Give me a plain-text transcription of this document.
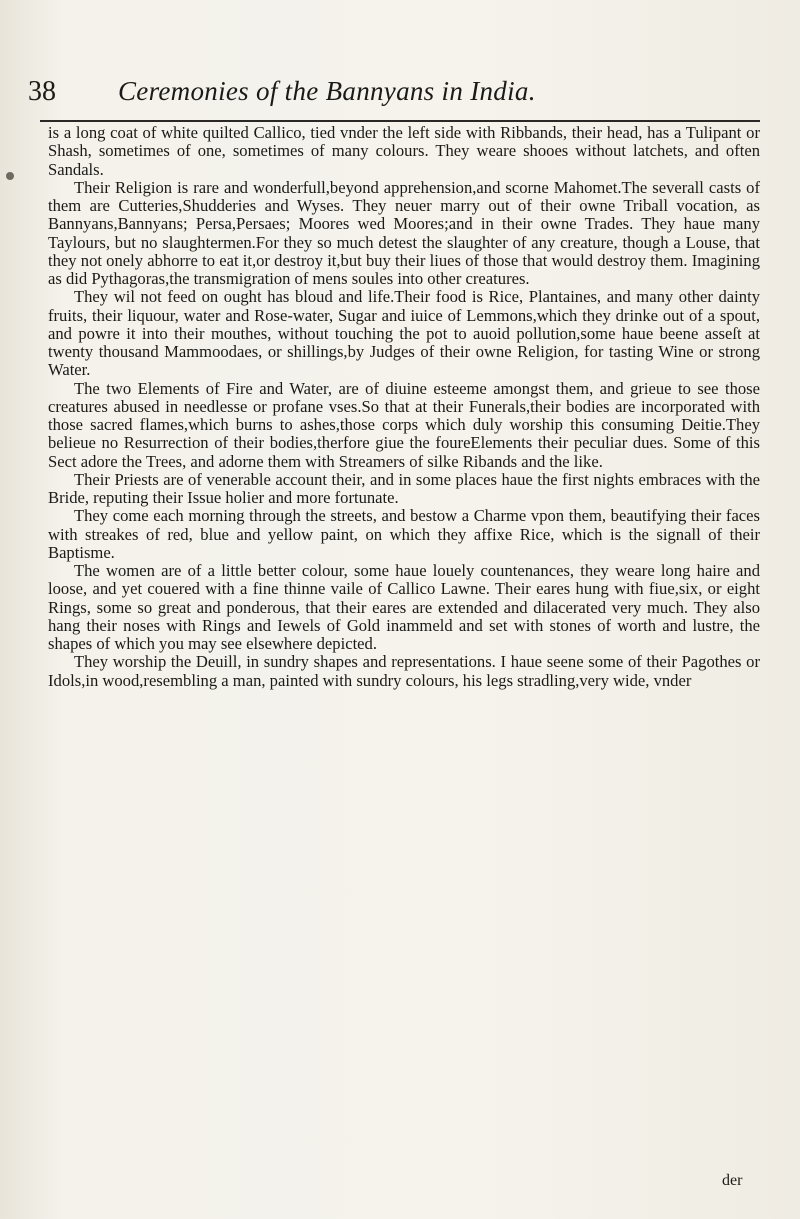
38 Ceremonies of the Bannyans in India.

is a long coat of white quilted Callico, tied vnder the left side with Ribbands, their head, has a Tulipant or Shash, sometimes of one, sometimes of many colours. They weare shooes without latchets, and often Sandals.

Their Religion is rare and wonderfull,beyond apprehension,and scorne Mahomet.The severall casts of them are Cutteries,Shudderies and Wyses. They neuer marry out of their owne Triball vocation, as Bannyans,Bannyans; Persa,Persaes; Moores wed Moores;and in their owne Trades. They haue many Taylours, but no slaughtermen.For they so much detest the slaughter of any creature, though a Louse, that they not onely abhorre to eat it,or destroy it,but buy their liues of those that would destroy them. Imagining as did Pythagoras,the transmigration of mens soules into other creatures.

They wil not feed on ought has bloud and life.Their food is Rice, Plantaines, and many other dainty fruits, their liquour, water and Rose-water, Sugar and iuice of Lemmons,which they drinke out of a spout, and powre it into their mouthes, without touching the pot to auoid pollution,some haue beene asseſt at twenty thousand Mammoodaes, or shillings,by Judges of their owne Religion, for tasting Wine or strong Water.

The two Elements of Fire and Water, are of diuine esteeme amongst them, and grieue to see those creatures abused in needlesse or profane vses.So that at their Funerals,their bodies are incorporated with those sacred flames,which burns to ashes,those corps which duly worship this consuming Deitie.They belieue no Resurrection of their bodies,therfore giue the foureElements their peculiar dues. Some of this Sect adore the Trees, and adorne them with Streamers of silke Ribands and the like.

Their Priests are of venerable account their, and in some places haue the first nights embraces with the Bride, reputing their Issue holier and more fortunate.

They come each morning through the streets, and bestow a Charme vpon them, beautifying their faces with streakes of red, blue and yellow paint, on which they affixe Rice, which is the signall of their Baptisme.

The women are of a little better colour, some haue louely countenances, they weare long haire and loose, and yet couered with a fine thinne vaile of Callico Lawne. Their eares hung with fiue,six, or eight Rings, some so great and ponderous, that their eares are extended and dilacerated very much. They also hang their noses with Rings and Iewels of Gold inammeld and set with stones of worth and lustre, the shapes of which you may see elsewhere depicted.

They worship the Deuill, in sundry shapes and representations. I haue seene some of their Pagothes or Idols,in wood,resembling a man, painted with sundry colours, his legs stradling,very wide, vnder

der
